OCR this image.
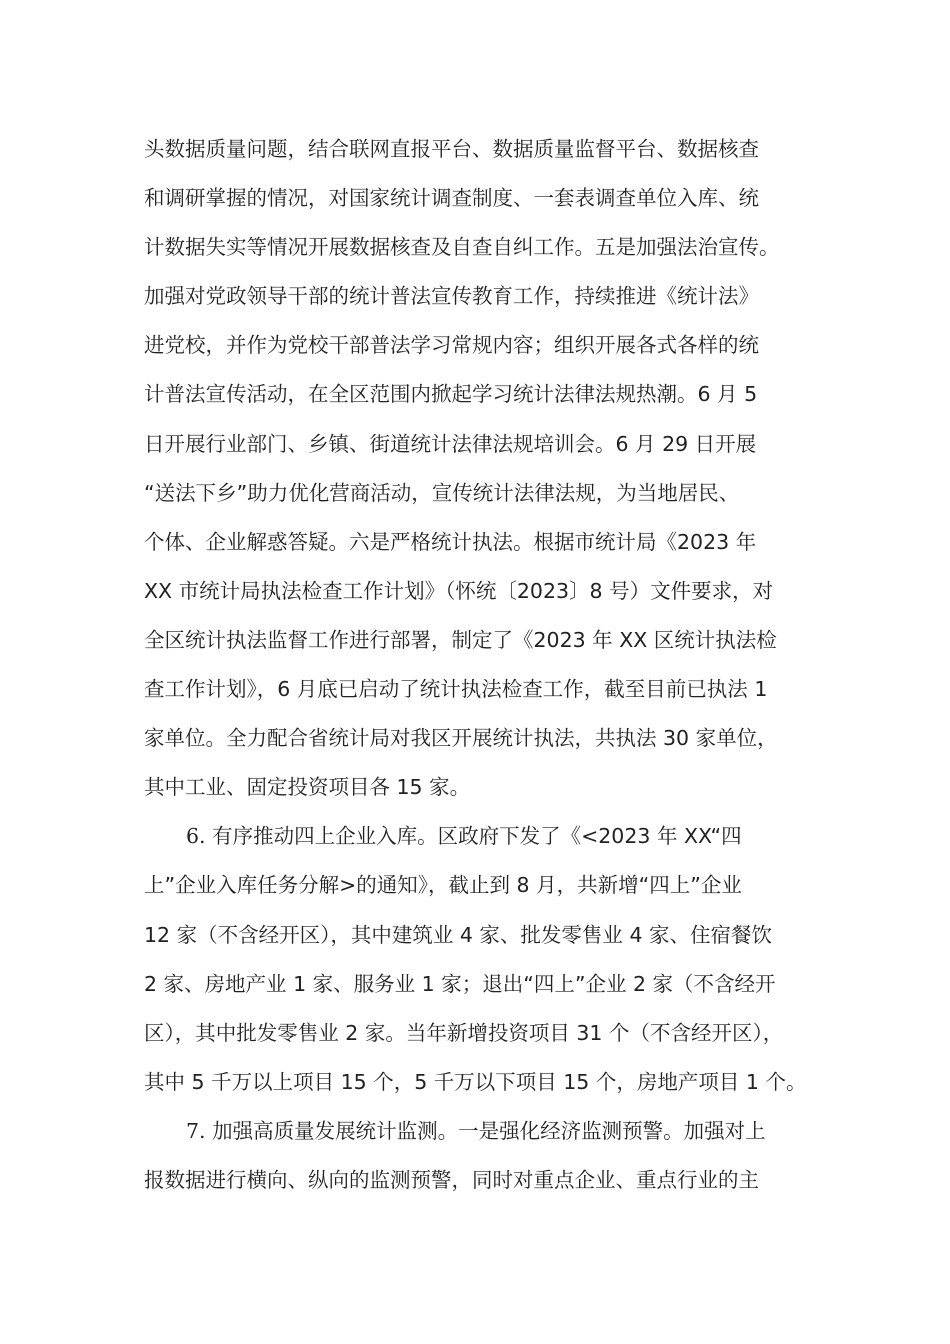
头数据质量问题，结合联网直报平台、数据质量监督平台、数据核查
和调研掌握的情况，对国家统计调查制度、一套表调查单位入库、统
计数据失实等情况开展数据核查及自查自纠工作。五是加强法治宣传。
加强对党政领导干部的统计普法宣传教育工作，持续推进《统计法》
进党校，并作为党校干部普法学习常规内容；组织开展各式各样的统
计普法宣传活动，在全区范围内掀起学习统计法律法规热潮。6 月 5
日开展行业部门、乡镇、街道统计法律法规培训会。6 月 29 日开展
“送法下乡”助力优化营商活动，宣传统计法律法规，为当地居民、
个体、企业解惑答疑。六是严格统计执法。根据市统计局《2023 年
XX 市统计局执法检查工作计划》（怀统〔2023〕8 号）文件要求，对
全区统计执法监督工作进行部署，制定了《2023 年 XX 区统计执法检
查工作计划》，6 月底已启动了统计执法检查工作，截至目前已执法 1
家单位。全力配合省统计局对我区开展统计执法，共执法 30 家单位，
其中工业、固定投资项目各 15 家。
6. 有序推动四上企业入库。区政府下发了《<2023 年 XX“四
上”企业入库任务分解>的通知》，截止到 8 月，共新增“四上”企业
12 家（不含经开区），其中建筑业 4 家、批发零售业 4 家、住宿餐饮
2 家、房地产业 1 家、服务业 1 家；退出“四上”企业 2 家（不含经开
区），其中批发零售业 2 家。当年新增投资项目 31 个（不含经开区），
其中 5 千万以上项目 15 个，5 千万以下项目 15 个，房地产项目 1 个。
7. 加强高质量发展统计监测。一是强化经济监测预警。加强对上
报数据进行横向、纵向的监测预警，同时对重点企业、重点行业的主
